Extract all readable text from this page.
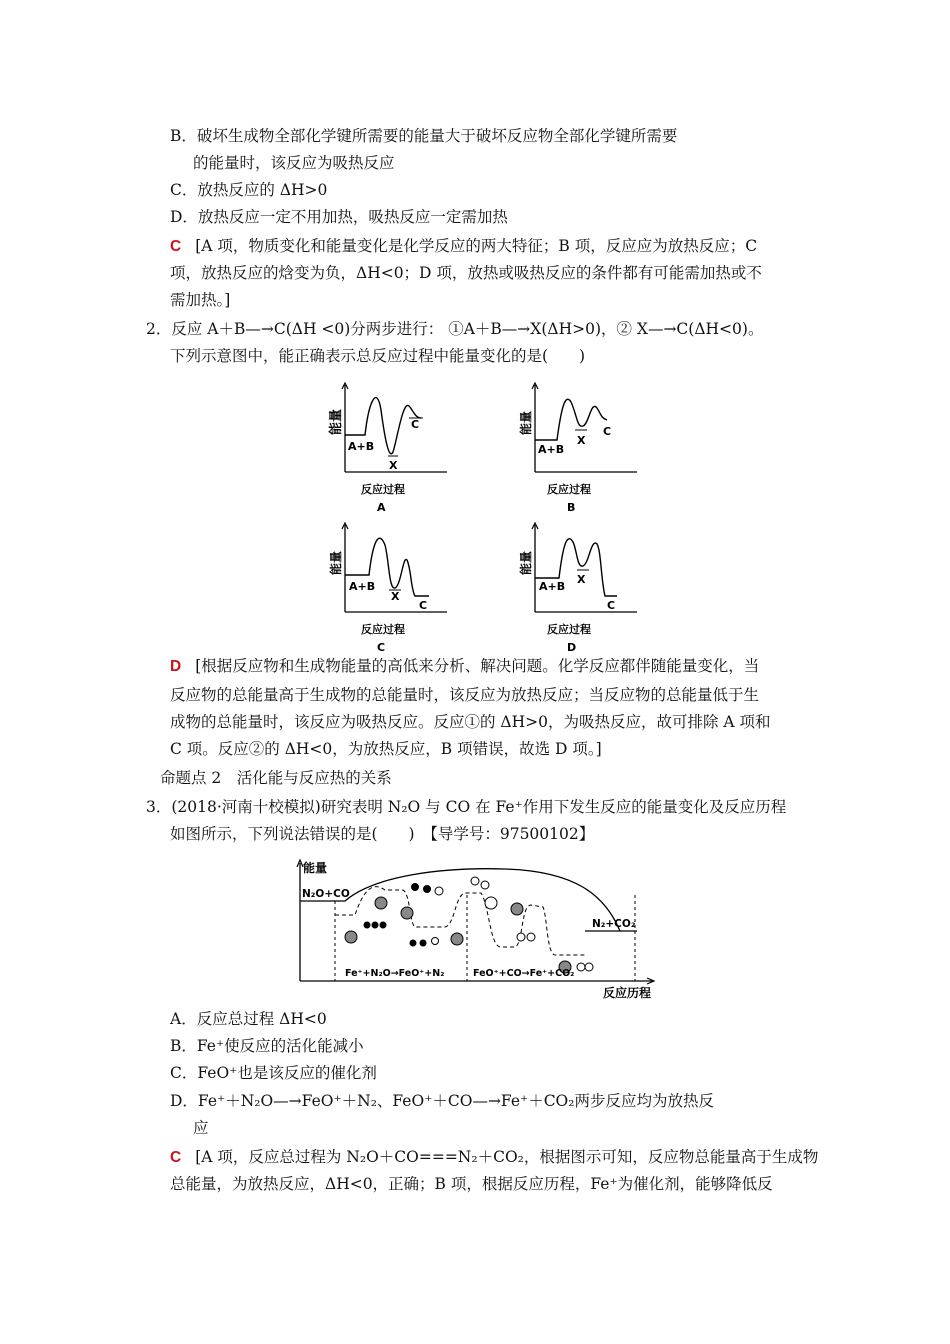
B．破坏生成物全部化学键所需要的能量大于破坏反应物全部化学键所需要
的能量时，该反应为吸热反应
C．放热反应的 ΔH>0
D．放热反应一定不用加热，吸热反应一定需加热
C [A 项，物质变化和能量变化是化学反应的两大特征；B 项，反应应为放热反应；C
项，放热反应的焓变为负，ΔH<0；D 项，放热或吸热反应的条件都有可能需加热或不
需加热。]
2．反应 A＋B—→C(ΔH <0)分两步进行： ①A＋B—→X(ΔH>0)，② X—→C(ΔH<0)。
下列示意图中，能正确表示总反应过程中能量变化的是(　　)
能量
A+B
X
C
反应过程
A
能量
A+B
X
C
反应过程
B
能量
A+B
X
C
反应过程
C
能量
A+B
X
C
反应过程
D
D [根据反应物和生成物能量的高低来分析、解决问题。化学反应都伴随能量变化，当
反应物的总能量高于生成物的总能量时，该反应为放热反应；当反应物的总能量低于生
成物的总能量时，该反应为吸热反应。反应①的 ΔH>0，为吸热反应，故可排除 A 项和
C 项。反应②的 ΔH<0，为放热反应，B 项错误，故选 D 项。]
命题点 2　活化能与反应热的关系
3．(2018·河南十校模拟)研究表明 N₂O 与 CO 在 Fe⁺作用下发生反应的能量变化及反应历程
如图所示，下列说法错误的是(　　)　【导学号：97500102】
能量
反应历程
N₂O+CO
N₂+CO₂
Fe⁺+N₂O→FeO⁺+N₂	FeO⁺+CO→Fe⁺+CO₂
A．反应总过程 ΔH<0
B．Fe⁺使反应的活化能减小
C．FeO⁺也是该反应的催化剂
D．Fe⁺＋N₂O—→FeO⁺＋N₂、FeO⁺＋CO—→Fe⁺＋CO₂两步反应均为放热反
应
C [A 项，反应总过程为 N₂O＋CO===N₂＋CO₂，根据图示可知，反应物总能量高于生成物
总能量，为放热反应，ΔH<0，正确；B 项，根据反应历程，Fe⁺为催化剂，能够降低反
